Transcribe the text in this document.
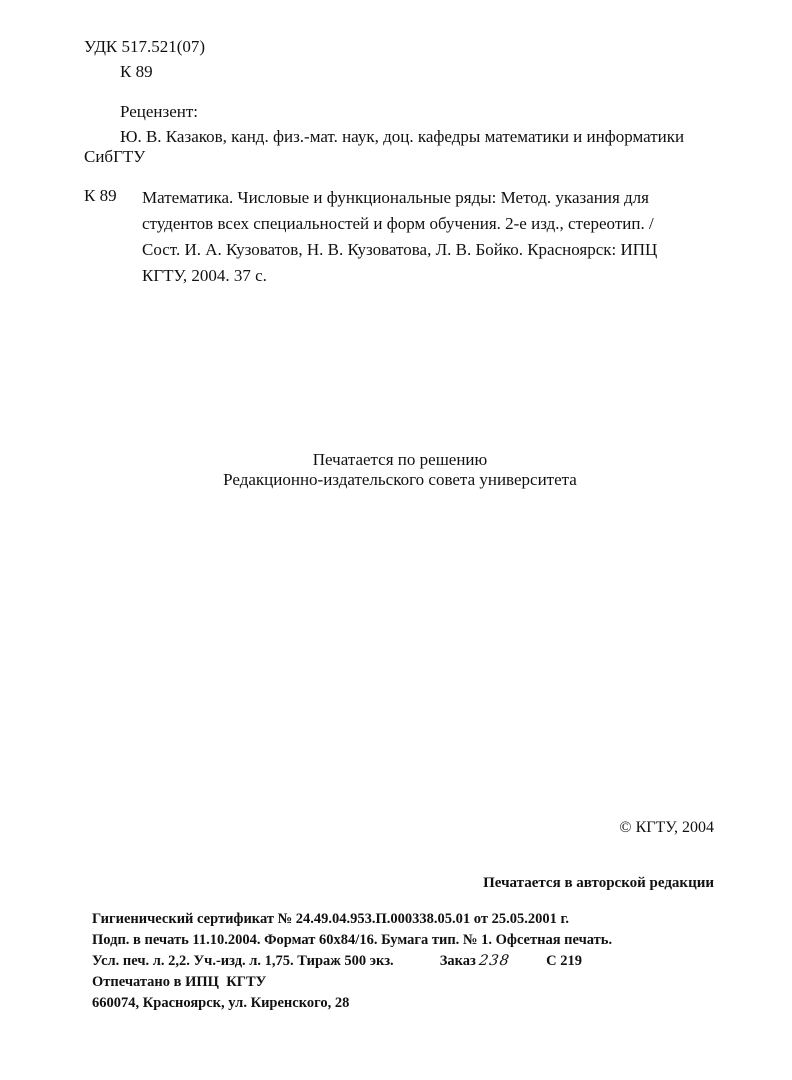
УДК 517.521(07)
К 89
Рецензент:
Ю. В. Казаков, канд. физ.-мат. наук, доц. кафедры математики и информатики
СибГТУ
К 89 Математика. Числовые и функциональные ряды: Метод. указания для
студентов всех специальностей и форм обучения. 2-е изд., стереотип. /
Сост. И. А. Кузоватов, Н. В. Кузоватова, Л. В. Бойко. Красноярск: ИПЦ
КГТУ, 2004. 37 с.
Печатается по решению
Редакционно-издательского совета университета
© КГТУ, 2004
Печатается в авторской редакции
Гигиенический сертификат № 24.49.04.953.П.000338.05.01 от 25.05.2001 г.
Подп. в печать 11.10.2004. Формат 60х84/16. Бумага тип. № 1. Офсетная печать.
Усл. печ. л. 2,2. Уч.-изд. л. 1,75. Тираж 500 экз.	Заказ 238 С 219
Отпечатано в ИПЦ  КГТУ
660074, Красноярск, ул. Киренского, 28
